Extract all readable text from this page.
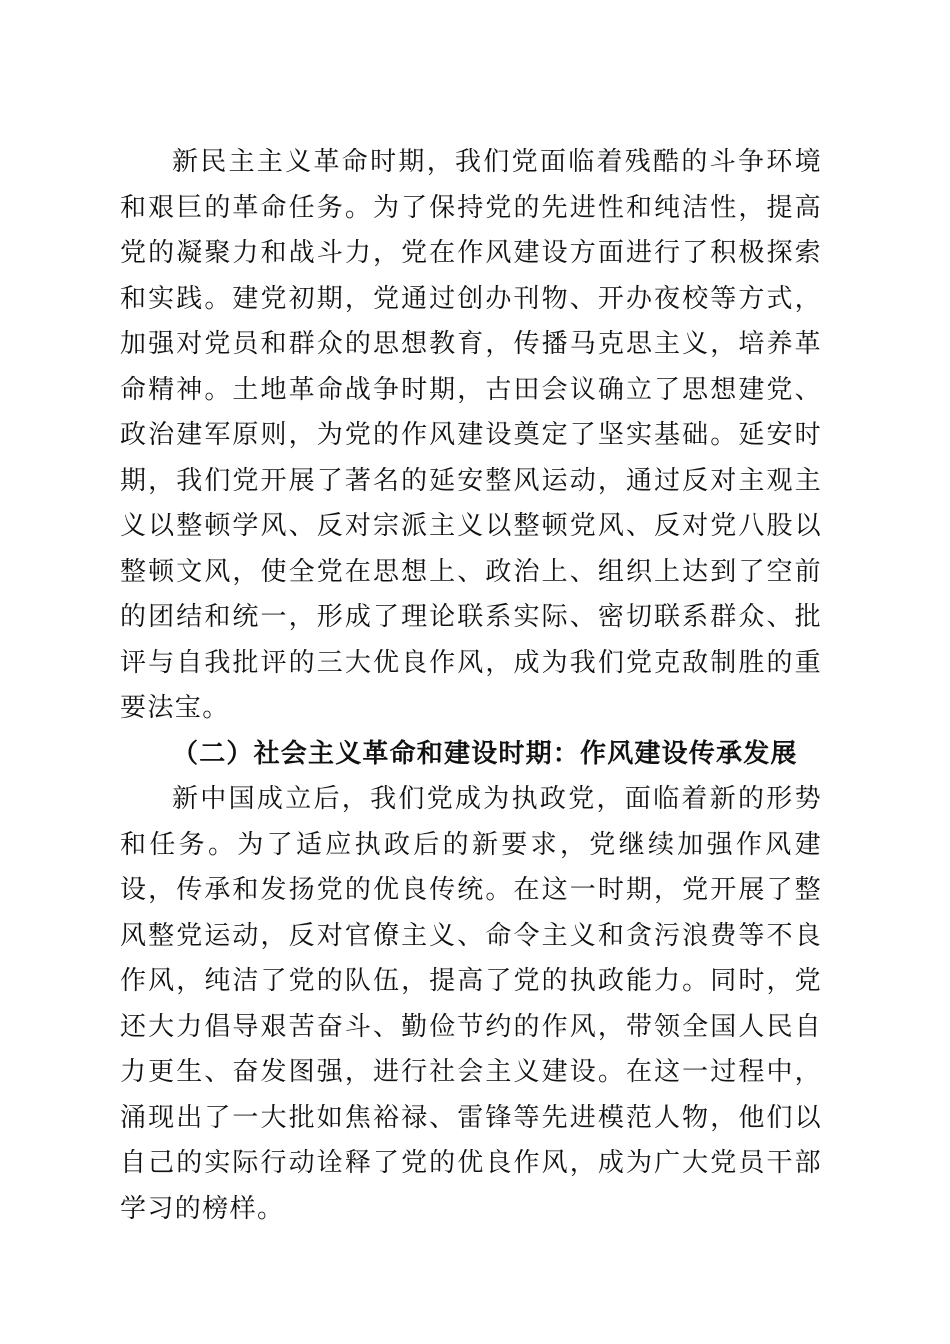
新民主主义革命时期，我们党面临着残酷的斗争环境和艰巨的革命任务。为了保持党的先进性和纯洁性，提高党的凝聚力和战斗力，党在作风建设方面进行了积极探索和实践。建党初期，党通过创办刊物、开办夜校等方式，加强对党员和群众的思想教育，传播马克思主义，培养革命精神。土地革命战争时期，古田会议确立了思想建党、政治建军原则，为党的作风建设奠定了坚实基础。延安时期，我们党开展了著名的延安整风运动，通过反对主观主义以整顿学风、反对宗派主义以整顿党风、反对党八股以整顿文风，使全党在思想上、政治上、组织上达到了空前的团结和统一，形成了理论联系实际、密切联系群众、批评与自我批评的三大优良作风，成为我们党克敌制胜的重要法宝。

（二）社会主义革命和建设时期：作风建设传承发展

新中国成立后，我们党成为执政党，面临着新的形势和任务。为了适应执政后的新要求，党继续加强作风建设，传承和发扬党的优良传统。在这一时期，党开展了整风整党运动，反对官僚主义、命令主义和贪污浪费等不良作风，纯洁了党的队伍，提高了党的执政能力。同时，党还大力倡导艰苦奋斗、勤俭节约的作风，带领全国人民自力更生、奋发图强，进行社会主义建设。在这一过程中，涌现出了一大批如焦裕禄、雷锋等先进模范人物，他们以自己的实际行动诠释了党的优良作风，成为广大党员干部学习的榜样。
